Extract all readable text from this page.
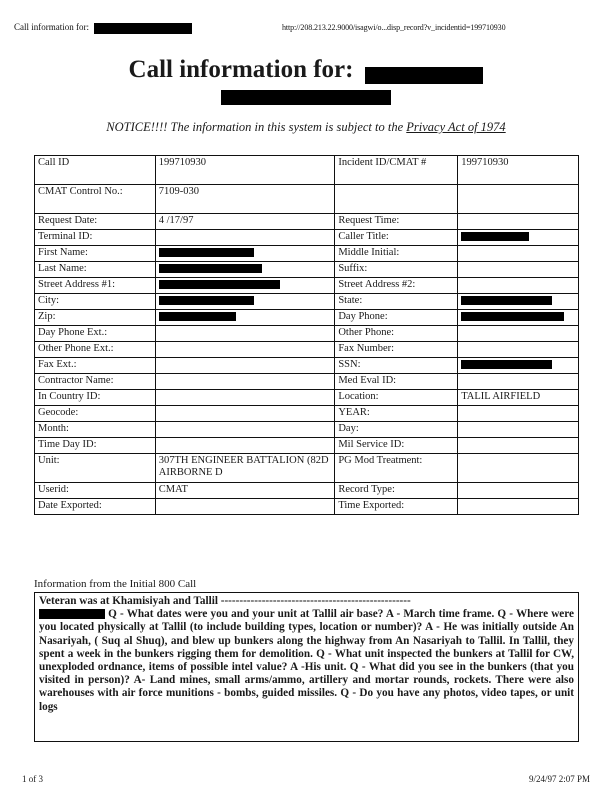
Call information for:	http://208.213.22.9000/isagwi/o...disp_record?v_incidentid=199710930
Call information for:
NOTICE!!!! The information in this system is subject to the Privacy Act of 1974
Call ID	199710930	Incident ID/CMAT #	199710930
CMAT Control No.:	7109-030		
Request Date:	4 /17/97	Request Time:	
Terminal ID:		Caller Title:	

First Name:		Middle Initial:	
Last Name:		Suffix:	
Street Address #1:		Street Address #2:	
City:		State:	

Zip:		Day Phone:	

Day Phone Ext.:		Other Phone:	
Other Phone Ext.:		Fax Number:	
Fax Ext.:		SSN:	

Contractor Name:		Med Eval ID:	
In Country ID:		Location:	TALIL AIRFIELD
Geocode:		YEAR:	
Month:		Day:	
Time Day ID:		Mil Service ID:	
Unit:	307TH ENGINEER BATTALION (82D AIRBORNE D	PG Mod Treatment:	
Userid:	CMAT	Record Type:	
Date Exported:		Time Exported:	
Information from the Initial 800 Call

Veteran was at Khamisiyah and Tallil ---------------------------------------------------

Q - What dates were you and your unit at Tallil air base? A - March time frame. Q - Where were you located physically at Tallil (to include building types, location or number)? A - He was initially outside An Nasariyah, ( Suq al Shuq), and blew up bunkers along the highway from An Nasariyah to Tallil. In Tallil, they spent a week in the bunkers rigging them for demolition. Q - What unit inspected the bunkers at Tallil for CW, unexploded ordnance, items of possible intel value? A -His unit. Q - What did you see in the bunkers (that you visited in person)? A- Land mines, small arms/ammo, artillery and mortar rounds, rockets. There were also warehouses with air force munitions - bombs, guided missiles. Q - Do you have any photos, video tapes, or unit logs

1 of 3	9/24/97 2:07 PM
